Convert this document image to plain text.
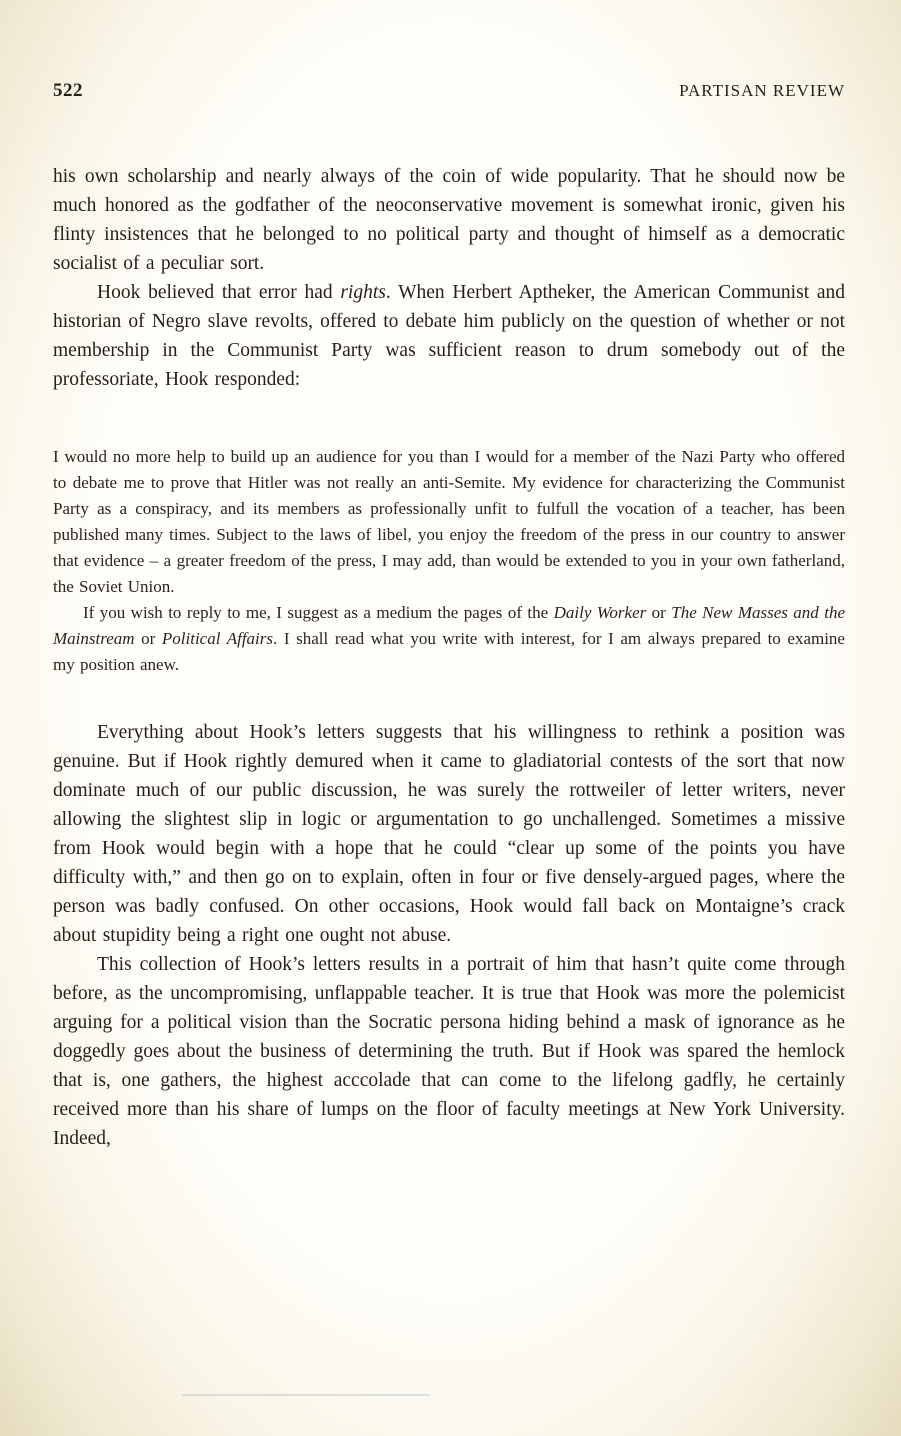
522	PARTISAN REVIEW

his own scholarship and nearly always of the coin of wide popularity. That he should now be much honored as the godfather of the neoconservative movement is somewhat ironic, given his flinty insistences that he belonged to no political party and thought of himself as a democratic socialist of a peculiar sort.

Hook believed that error had rights. When Herbert Aptheker, the American Communist and historian of Negro slave revolts, offered to debate him publicly on the question of whether or not membership in the Communist Party was sufficient reason to drum somebody out of the professoriate, Hook responded:

I would no more help to build up an audience for you than I would for a member of the Nazi Party who offered to debate me to prove that Hitler was not really an anti-Semite. My evidence for characterizing the Communist Party as a conspiracy, and its members as professionally unfit to fulfull the vocation of a teacher, has been published many times. Subject to the laws of libel, you enjoy the freedom of the press in our country to answer that evidence – a greater freedom of the press, I may add, than would be extended to you in your own fatherland, the Soviet Union.

If you wish to reply to me, I suggest as a medium the pages of the Daily Worker or The New Masses and the Mainstream or Political Affairs. I shall read what you write with interest, for I am always prepared to examine my position anew.

Everything about Hook’s letters suggests that his willingness to rethink a position was genuine. But if Hook rightly demured when it came to gladiatorial contests of the sort that now dominate much of our public discussion, he was surely the rottweiler of letter writers, never allowing the slightest slip in logic or argumentation to go unchallenged. Sometimes a missive from Hook would begin with a hope that he could “clear up some of the points you have difficulty with,” and then go on to explain, often in four or five densely-argued pages, where the person was badly confused. On other occasions, Hook would fall back on Montaigne’s crack about stupidity being a right one ought not abuse.

This collection of Hook’s letters results in a portrait of him that hasn’t quite come through before, as the uncompromising, unflappable teacher. It is true that Hook was more the polemicist arguing for a political vision than the Socratic persona hiding behind a mask of ignorance as he doggedly goes about the business of determining the truth. But if Hook was spared the hemlock that is, one gathers, the highest acccolade that can come to the lifelong gadfly, he certainly received more than his share of lumps on the floor of faculty meetings at New York University. Indeed,
